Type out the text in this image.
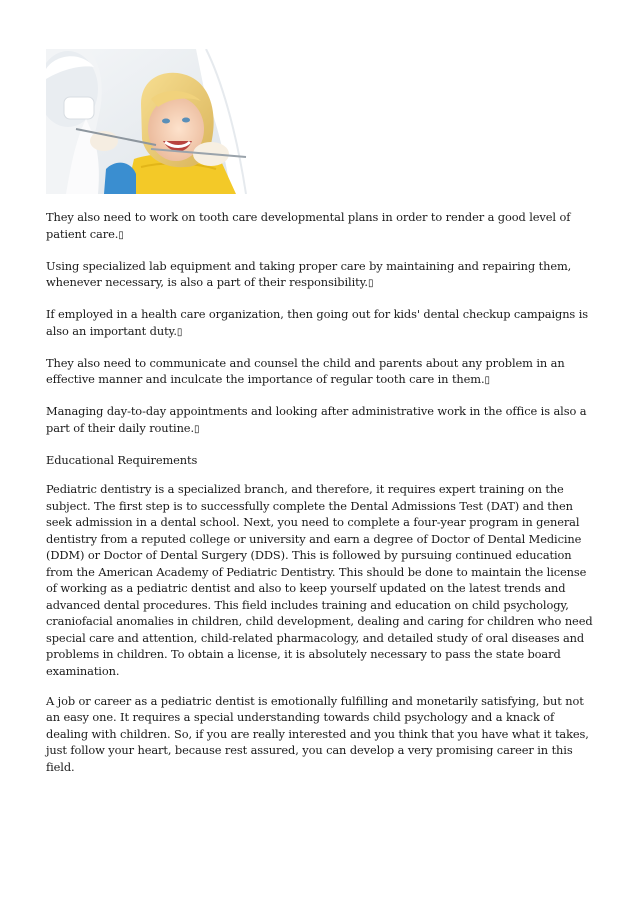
They also need to work on tooth care developmental plans in order to render a good level of patient care.▯

Using specialized lab equipment and taking proper care by maintaining and repairing them, whenever necessary, is also a part of their responsibility.▯

If employed in a health care organization, then going out for kids' dental checkup campaigns is also an important duty.▯

They also need to communicate and counsel the child and parents about any problem in an effective manner and inculcate the importance of regular tooth care in them.▯

Managing day-to-day appointments and looking after administrative work in the office is also a part of their daily routine.▯

Educational Requirements

Pediatric dentistry is a specialized branch, and therefore, it requires expert training on the subject. The first step is to successfully complete the Dental Admissions Test (DAT) and then seek admission in a dental school. Next, you need to complete a four-year program in general dentistry from a reputed college or university and earn a degree of Doctor of Dental Medicine (DDM) or Doctor of Dental Surgery (DDS). This is followed by pursuing continued education from the American Academy of Pediatric Dentistry. This should be done to maintain the license of working as a pediatric dentist and also to keep yourself updated on the latest trends and advanced dental procedures. This field includes training and education on child psychology, craniofacial anomalies in children, child development, dealing and caring for children who need special care and attention, child-related pharmacology, and detailed study of oral diseases and problems in children. To obtain a license, it is absolutely necessary to pass the state board examination.

A job or career as a pediatric dentist is emotionally fulfilling and monetarily satisfying, but not an easy one. It requires a special understanding towards child psychology and a knack of dealing with children. So, if you are really interested and you think that you have what it takes, just follow your heart, because rest assured, you can develop a very promising career in this field.
